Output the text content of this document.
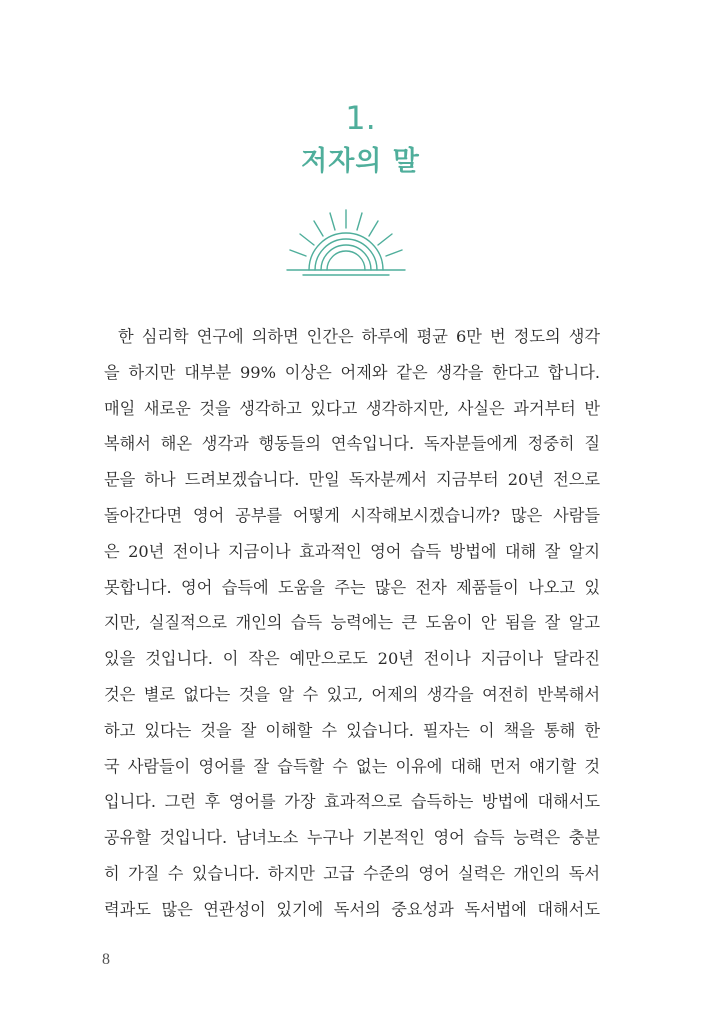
1.
저자의 말
한 심리학 연구에 의하면 인간은 하루에 평균 6만 번 정도의 생각
을 하지만 대부분 99% 이상은 어제와 같은 생각을 한다고 합니다.
매일 새로운 것을 생각하고 있다고 생각하지만, 사실은 과거부터 반
복해서 해온 생각과 행동들의 연속입니다. 독자분들에게 정중히 질
문을 하나 드려보겠습니다. 만일 독자분께서 지금부터 20년 전으로
돌아간다면 영어 공부를 어떻게 시작해보시겠습니까? 많은 사람들
은 20년 전이나 지금이나 효과적인 영어 습득 방법에 대해 잘 알지
못합니다. 영어 습득에 도움을 주는 많은 전자 제품들이 나오고 있
지만, 실질적으로 개인의 습득 능력에는 큰 도움이 안 됨을 잘 알고
있을 것입니다. 이 작은 예만으로도 20년 전이나 지금이나 달라진
것은 별로 없다는 것을 알 수 있고, 어제의 생각을 여전히 반복해서
하고 있다는 것을 잘 이해할 수 있습니다. 필자는 이 책을 통해 한
국 사람들이 영어를 잘 습득할 수 없는 이유에 대해 먼저 얘기할 것
입니다. 그런 후 영어를 가장 효과적으로 습득하는 방법에 대해서도
공유할 것입니다. 남녀노소 누구나 기본적인 영어 습득 능력은 충분
히 가질 수 있습니다. 하지만 고급 수준의 영어 실력은 개인의 독서
력과도 많은 연관성이 있기에 독서의 중요성과 독서법에 대해서도
8
